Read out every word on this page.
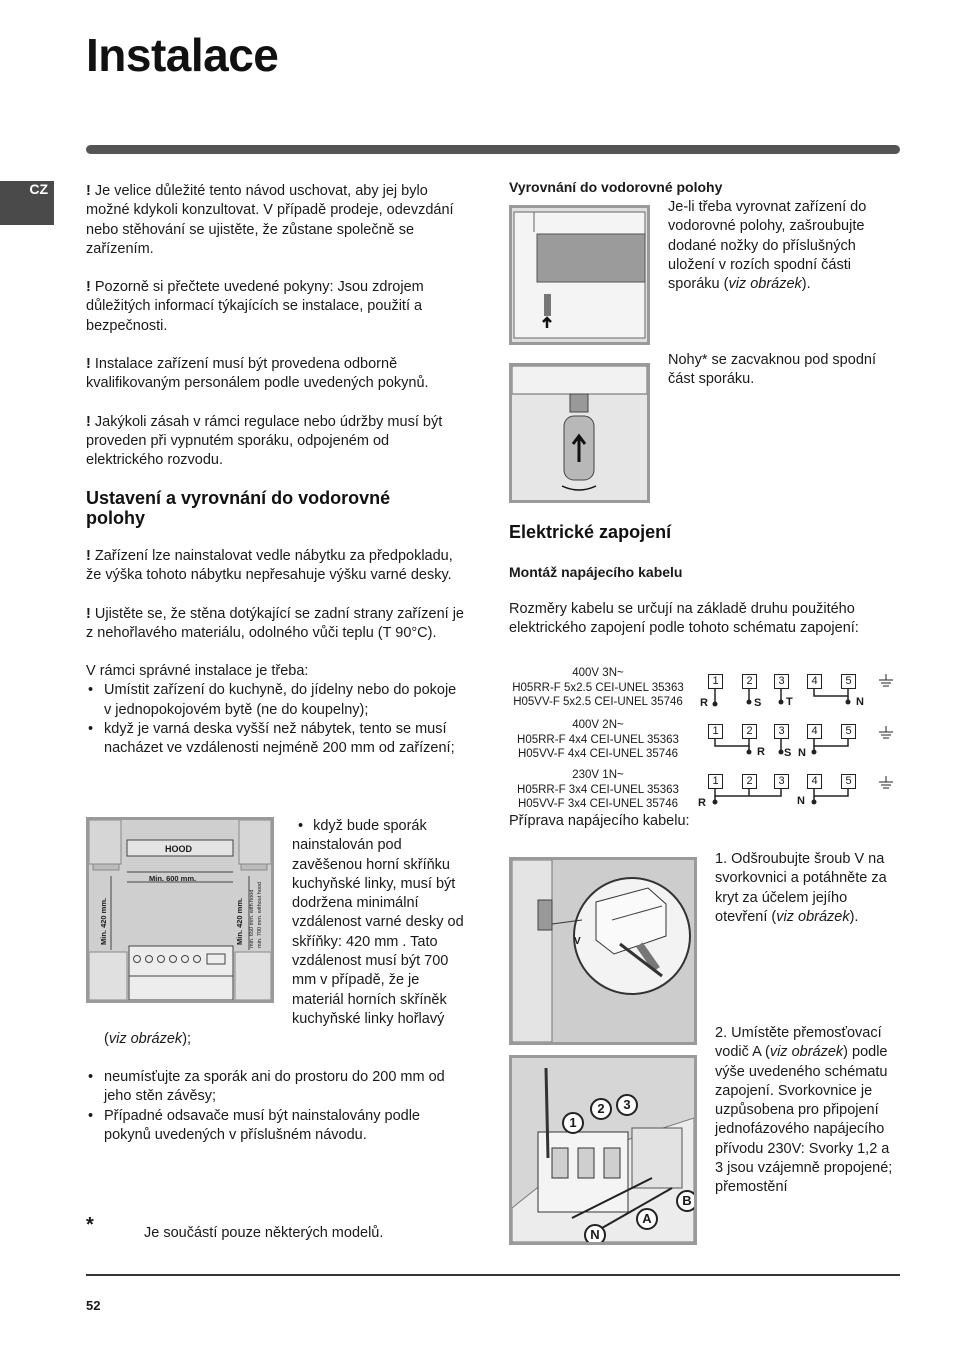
Instalace
CZ	! Je velice důležité tento návod uschovat, aby jej bylo možné kdykoli konzultovat. V případě prodeje, odevzdání nebo stěhování se ujistěte, že zůstane společně se zařízením.

! Pozorně si přečtete uvedené pokyny: Jsou zdrojem důležitých informací týkajících se instalace, použití a bezpečnosti.

! Instalace zařízení musí být provedena odborně kvalifikovaným personálem podle uvedených pokynů.

! Jakýkoli zásah v rámci regulace nebo údržby musí být proveden při vypnutém sporáku, odpojeném od elektrického rozvodu.

Ustavení a vyrovnání do vodorovné polohy

! Zařízení lze nainstalovat vedle nábytku za předpokladu, že výška tohoto nábytku nepřesahuje výšku varné desky.

! Ujistěte se, že stěna dotýkající se zadní strany zařízení je z nehořlavého materiálu, odolného vůči teplu (T 90°C).

V rámci správné instalace je třeba:

• Umístit zařízení do kuchyně, do jídelny nebo do pokoje v jednopokojovém bytě (ne do koupelny);
• když je varná deska vyšší než nábytek, tento se musí nacházet ve vzdálenosti nejméně 200 mm od zařízení;
HOOD
Min. 600 mm.
Min. 420 mm.	Min. 420 mm. min. 650 mm. with hood min. 700 mm. without hood

• když bude sporák nainstalován pod zavěšenou horní skříňku kuchyňské linky, musí být dodržena minimální vzdálenost varné desky od skříňky: 420 mm . Tato vzdálenost musí být 700 mm v případě, že je materiál horních skříněk kuchyňské linky hořlavý

(viz obrázek);
• neumísťujte za sporák ani do prostoru do 200 mm od jeho stěn závěsy;
• Případné odsavače musí být nainstalovány podle pokynů uvedených v příslušném návodu.
*	Je součástí pouze některých modelů.
Vyrovnání do vodorovné polohy
Je-li třeba vyrovnat zařízení do vodorovné polohy, zašroubujte dodané nožky do příslušných uložení v rozích spodní části sporáku (viz obrázek).
Nohy* se zacvaknou pod spodní část sporáku.
Elektrické zapojení
Montáž napájecího kabelu
Rozměry kabelu se určují na základě druhu použitého elektrického zapojení podle tohoto schématu zapojení:
400V 3N~
H05RR-F 5x2.5 CEI-UNEL 35363
H05VV-F 5x2.5 CEI-UNEL 35746
1	2	3	4	5
R	S T	N
400V 2N~
H05RR-F 4x4 CEI-UNEL 35363
H05VV-F 4x4 CEI-UNEL 35746
1	2	3	4	5
R S N
230V 1N~
H05RR-F 3x4 CEI-UNEL 35363
H05VV-F 3x4 CEI-UNEL 35746
1	2	3	4	5
R	N
Příprava napájecího kabelu:
V
1. Odšroubujte šroub V na svorkovnici a potáhněte za kryt za účelem jejího otevření (viz obrázek).
1
2	3
A
B
N
2. Umístěte přemosťovací vodič A (viz obrázek) podle výše uvedeného schématu zapojení. Svorkovnice je uzpůsobena pro připojení jednofázového napájecího přívodu 230V: Svorky 1,2 a 3 jsou vzájemně propojené; přemostění
52
